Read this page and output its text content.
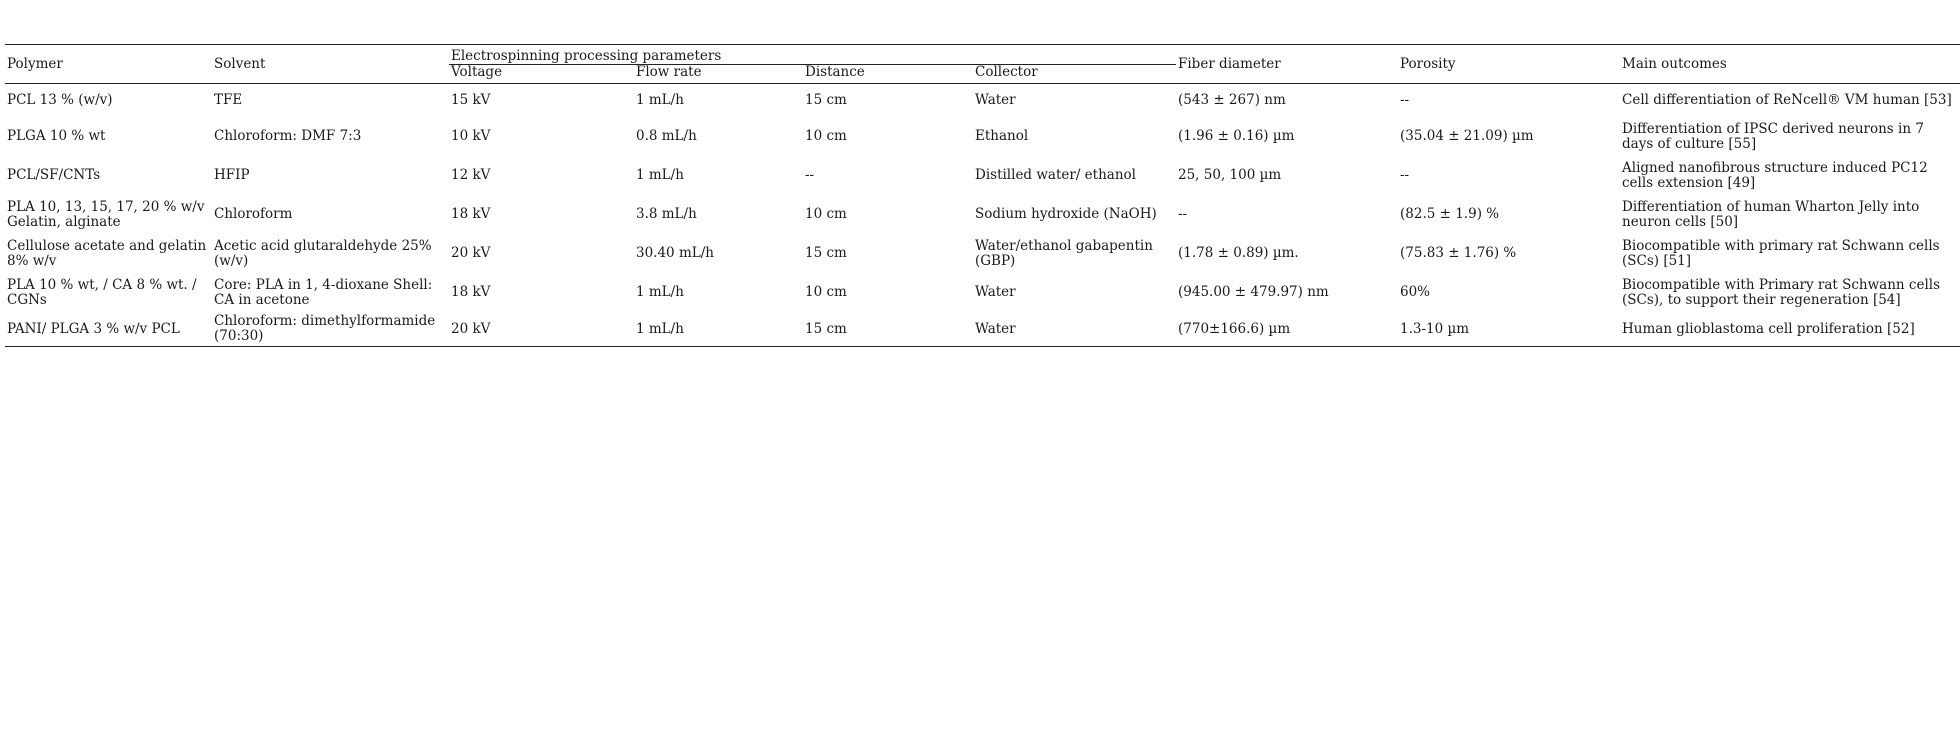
Polymer	Solvent	Electrospinning processing parameters				Fiber diameter	Porosity	Main outcomes
		Voltage	Flow rate	Distance	Collector			
PCL 13 % (w/v)	TFE	15 kV	1 mL/h	15 cm	Water	(543 ± 267) nm	--	Cell differentiation of ReNcell® VM human [53]
PLGA 10 % wt	Chloroform: DMF 7:3	10 kV	0.8 mL/h	10 cm	Ethanol	(1.96 ± 0.16) µm	(35.04 ± 21.09) µm	Differentiation of IPSC derived neurons in 7 days of culture [55]
PCL/SF/CNTs	HFIP	12 kV	1 mL/h	--	Distilled water/ ethanol	25, 50, 100 µm	--	Aligned nanofibrous structure induced PC12 cells extension [49]
PLA 10, 13, 15, 17, 20 % w/v Gelatin, alginate	Chloroform	18 kV	3.8 mL/h	10 cm	Sodium hydroxide (NaOH)	--	(82.5 ± 1.9) %	Differentiation of human Wharton Jelly into neuron cells [50]
Cellulose acetate and gelatin 8% w/v	Acetic acid glutaraldehyde 25% (w/v)	20 kV	30.40 mL/h	15 cm	Water/ethanol gabapentin (GBP)	(1.78 ± 0.89) µm.	(75.83 ± 1.76) %	Biocompatible with primary rat Schwann cells (SCs) [51]
PLA 10 % wt, / CA 8 % wt. / CGNs	Core: PLA in 1, 4-dioxane Shell: CA in acetone	18 kV	1 mL/h	10 cm	Water	(945.00 ± 479.97) nm	60%	Biocompatible with Primary rat Schwann cells (SCs), to support their regeneration [54]
PANI/ PLGA 3 % w/v PCL	Chloroform: dimethylformamide (70:30)	20 kV	1 mL/h	15 cm	Water	(770±166.6) µm	1.3-10 µm	Human glioblastoma cell proliferation [52]
